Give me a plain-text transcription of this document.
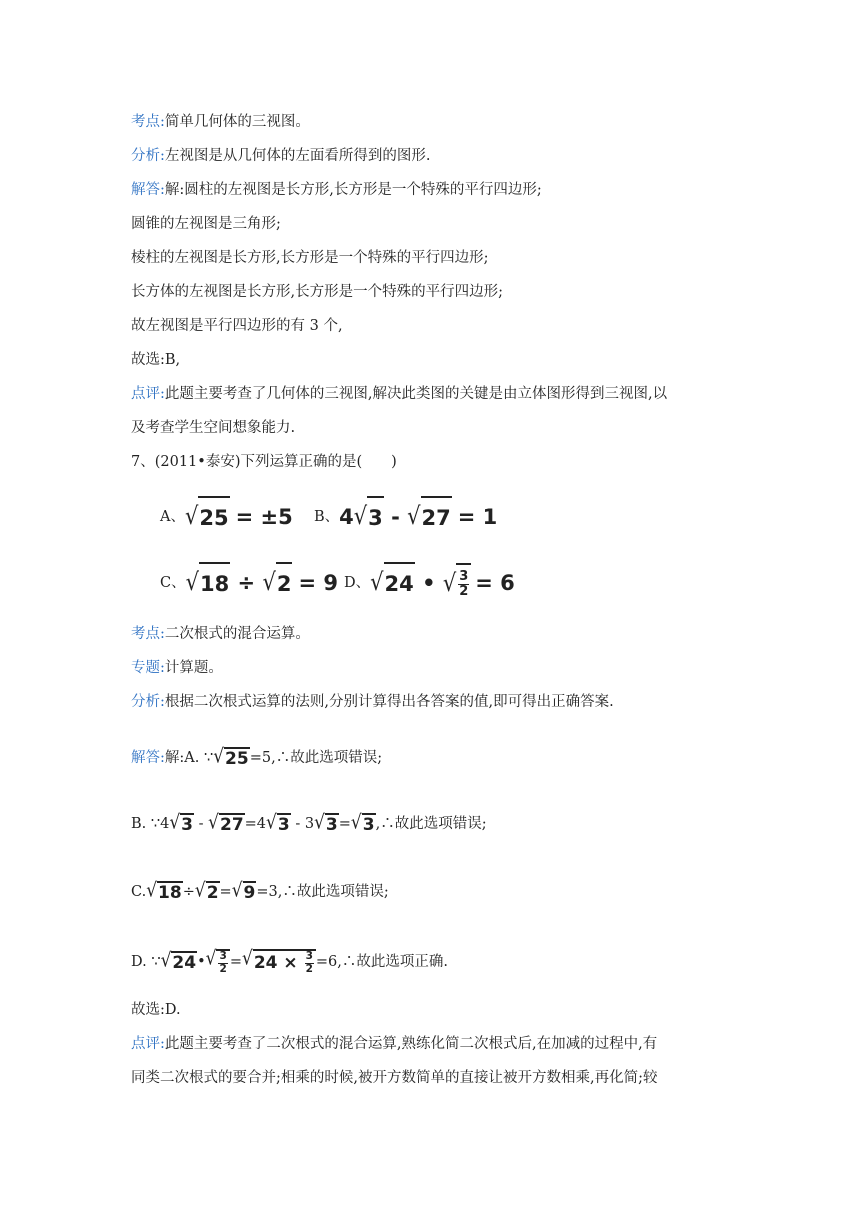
考点:简单几何体的三视图。
分析:左视图是从几何体的左面看所得到的图形.
解答:解:圆柱的左视图是长方形,长方形是一个特殊的平行四边形;
圆锥的左视图是三角形;
棱柱的左视图是长方形,长方形是一个特殊的平行四边形;
长方体的左视图是长方形,长方形是一个特殊的平行四边形;
故左视图是平行四边形的有 3 个,
故选:B,
点评:此题主要考查了几何体的三视图,解决此类图的关键是由立体图形得到三视图,以
及考查学生空间想象能力.
7、(2011•泰安)下列运算正确的是(　　)
A、 √ 25 = ±5 B、 4 √ 3 - √ 27 = 1
C、 √ 18 ÷ √ 2 = 9 D、 √ 24 • √ $\frac{3}{2} = 6$
考点:二次根式的混合运算。
专题:计算题。
分析:根据二次根式运算的法则,分别计算得出各答案的值,即可得出正确答案.
解答: 解:A. ∵ √ 25 =5,∴故此选项错误;
B. ∵4 √ 3 - √ 27 =4 √ 3 - 3 √ 3 = √ 3 ,∴故此选项错误;
C. √ 18 ÷ √ 2 = √ 9 =3,∴故此选项错误;
D. ∵ √ 24 • √ $\frac{3}{2}$ = √ $24 \times \frac{3}{2}$ =6,∴故此选项正确.
故选:D.
点评:此题主要考查了二次根式的混合运算,熟练化简二次根式后,在加减的过程中,有
同类二次根式的要合并;相乘的时候,被开方数简单的直接让被开方数相乘,再化简;较
